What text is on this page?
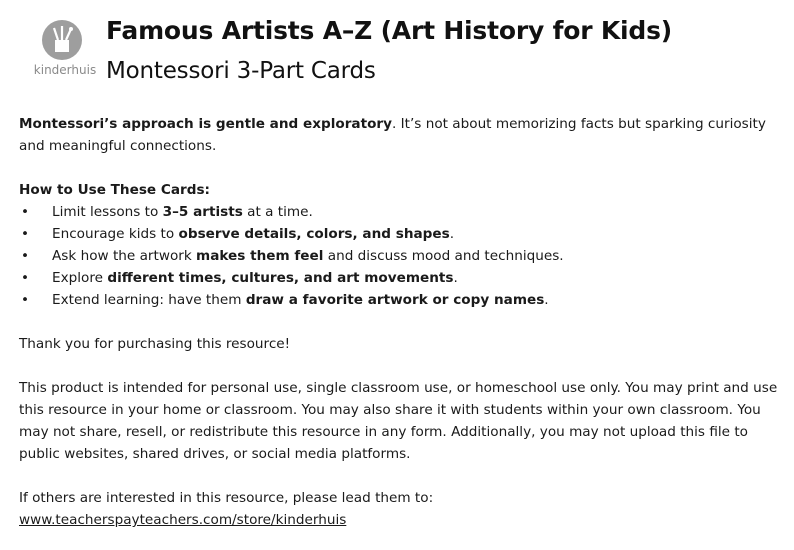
kinderhuis
Famous Artists A–Z (Art History for Kids)
Montessori 3-Part Cards

Montessori’s approach is gentle and exploratory. It’s not about memorizing facts but sparking curiosity and meaningful connections.

How to Use These Cards:

• Limit lessons to 3–5 artists at a time.
• Encourage kids to observe details, colors, and shapes.
• Ask how the artwork makes them feel and discuss mood and techniques.
• Explore different times, cultures, and art movements.
• Extend learning: have them draw a favorite artwork or copy names.

Thank you for purchasing this resource!

This product is intended for personal use, single classroom use, or homeschool use only. You may print and use this resource in your home or classroom. You may also share it with students within your own classroom. You may not share, resell, or redistribute this resource in any form. Additionally, you may not upload this file to public websites, shared drives, or social media platforms.

If others are interested in this resource, please lead them to:

www.teacherspayteachers.com/store/kinderhuis
